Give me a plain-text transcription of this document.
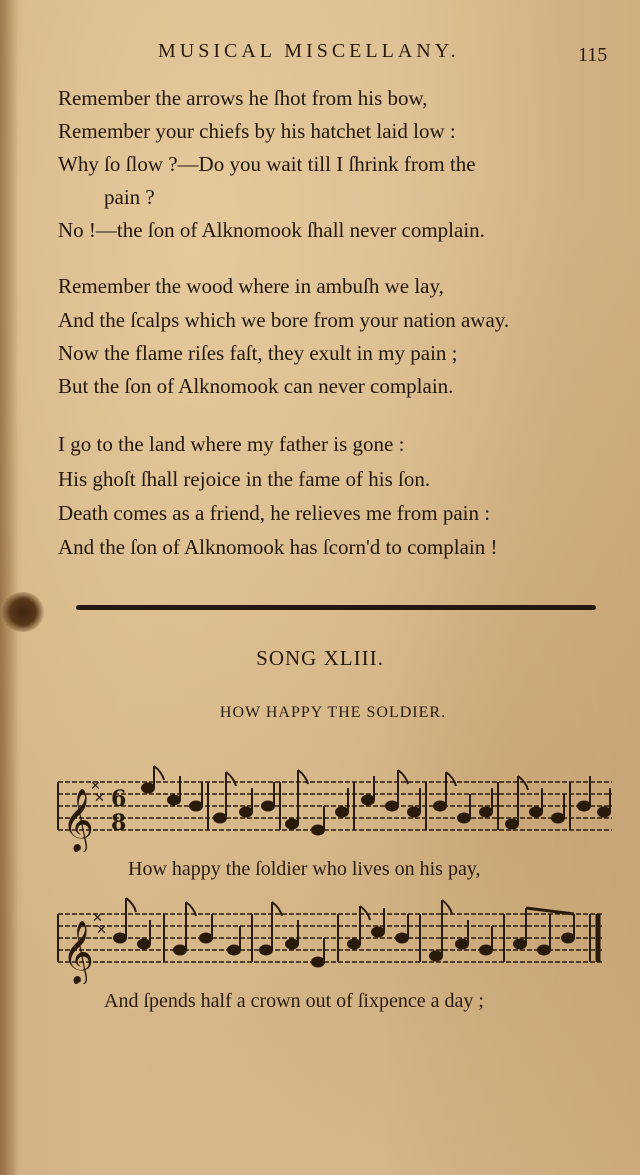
MUSICAL MISCELLANY.	115
Remember the arrows he ſhot from his bow,
Remember your chiefs by his hatchet laid low :
Why ſo ſlow ?—Do you wait till I ſhrink from the
pain ?
No !—the ſon of Alknomook ſhall never complain.
Remember the wood where in ambuſh we lay,
And the ſcalps which we bore from your nation away.
Now the flame riſes faſt, they exult in my pain ;
But the ſon of Alknomook can never complain.
I go to the land where my father is gone :
His ghoſt ſhall rejoice in the fame of his ſon.
Death comes as a friend, he relieves me from pain :
And the ſon of Alknomook has ſcorn'd to complain !
SONG XLIII.
HOW HAPPY THE SOLDIER.
𝄞
✕
✕ 6
8
How happy the ſoldier who lives on his pay,
𝄞
✕
✕
And ſpends half a crown out of ſixpence a day ;
